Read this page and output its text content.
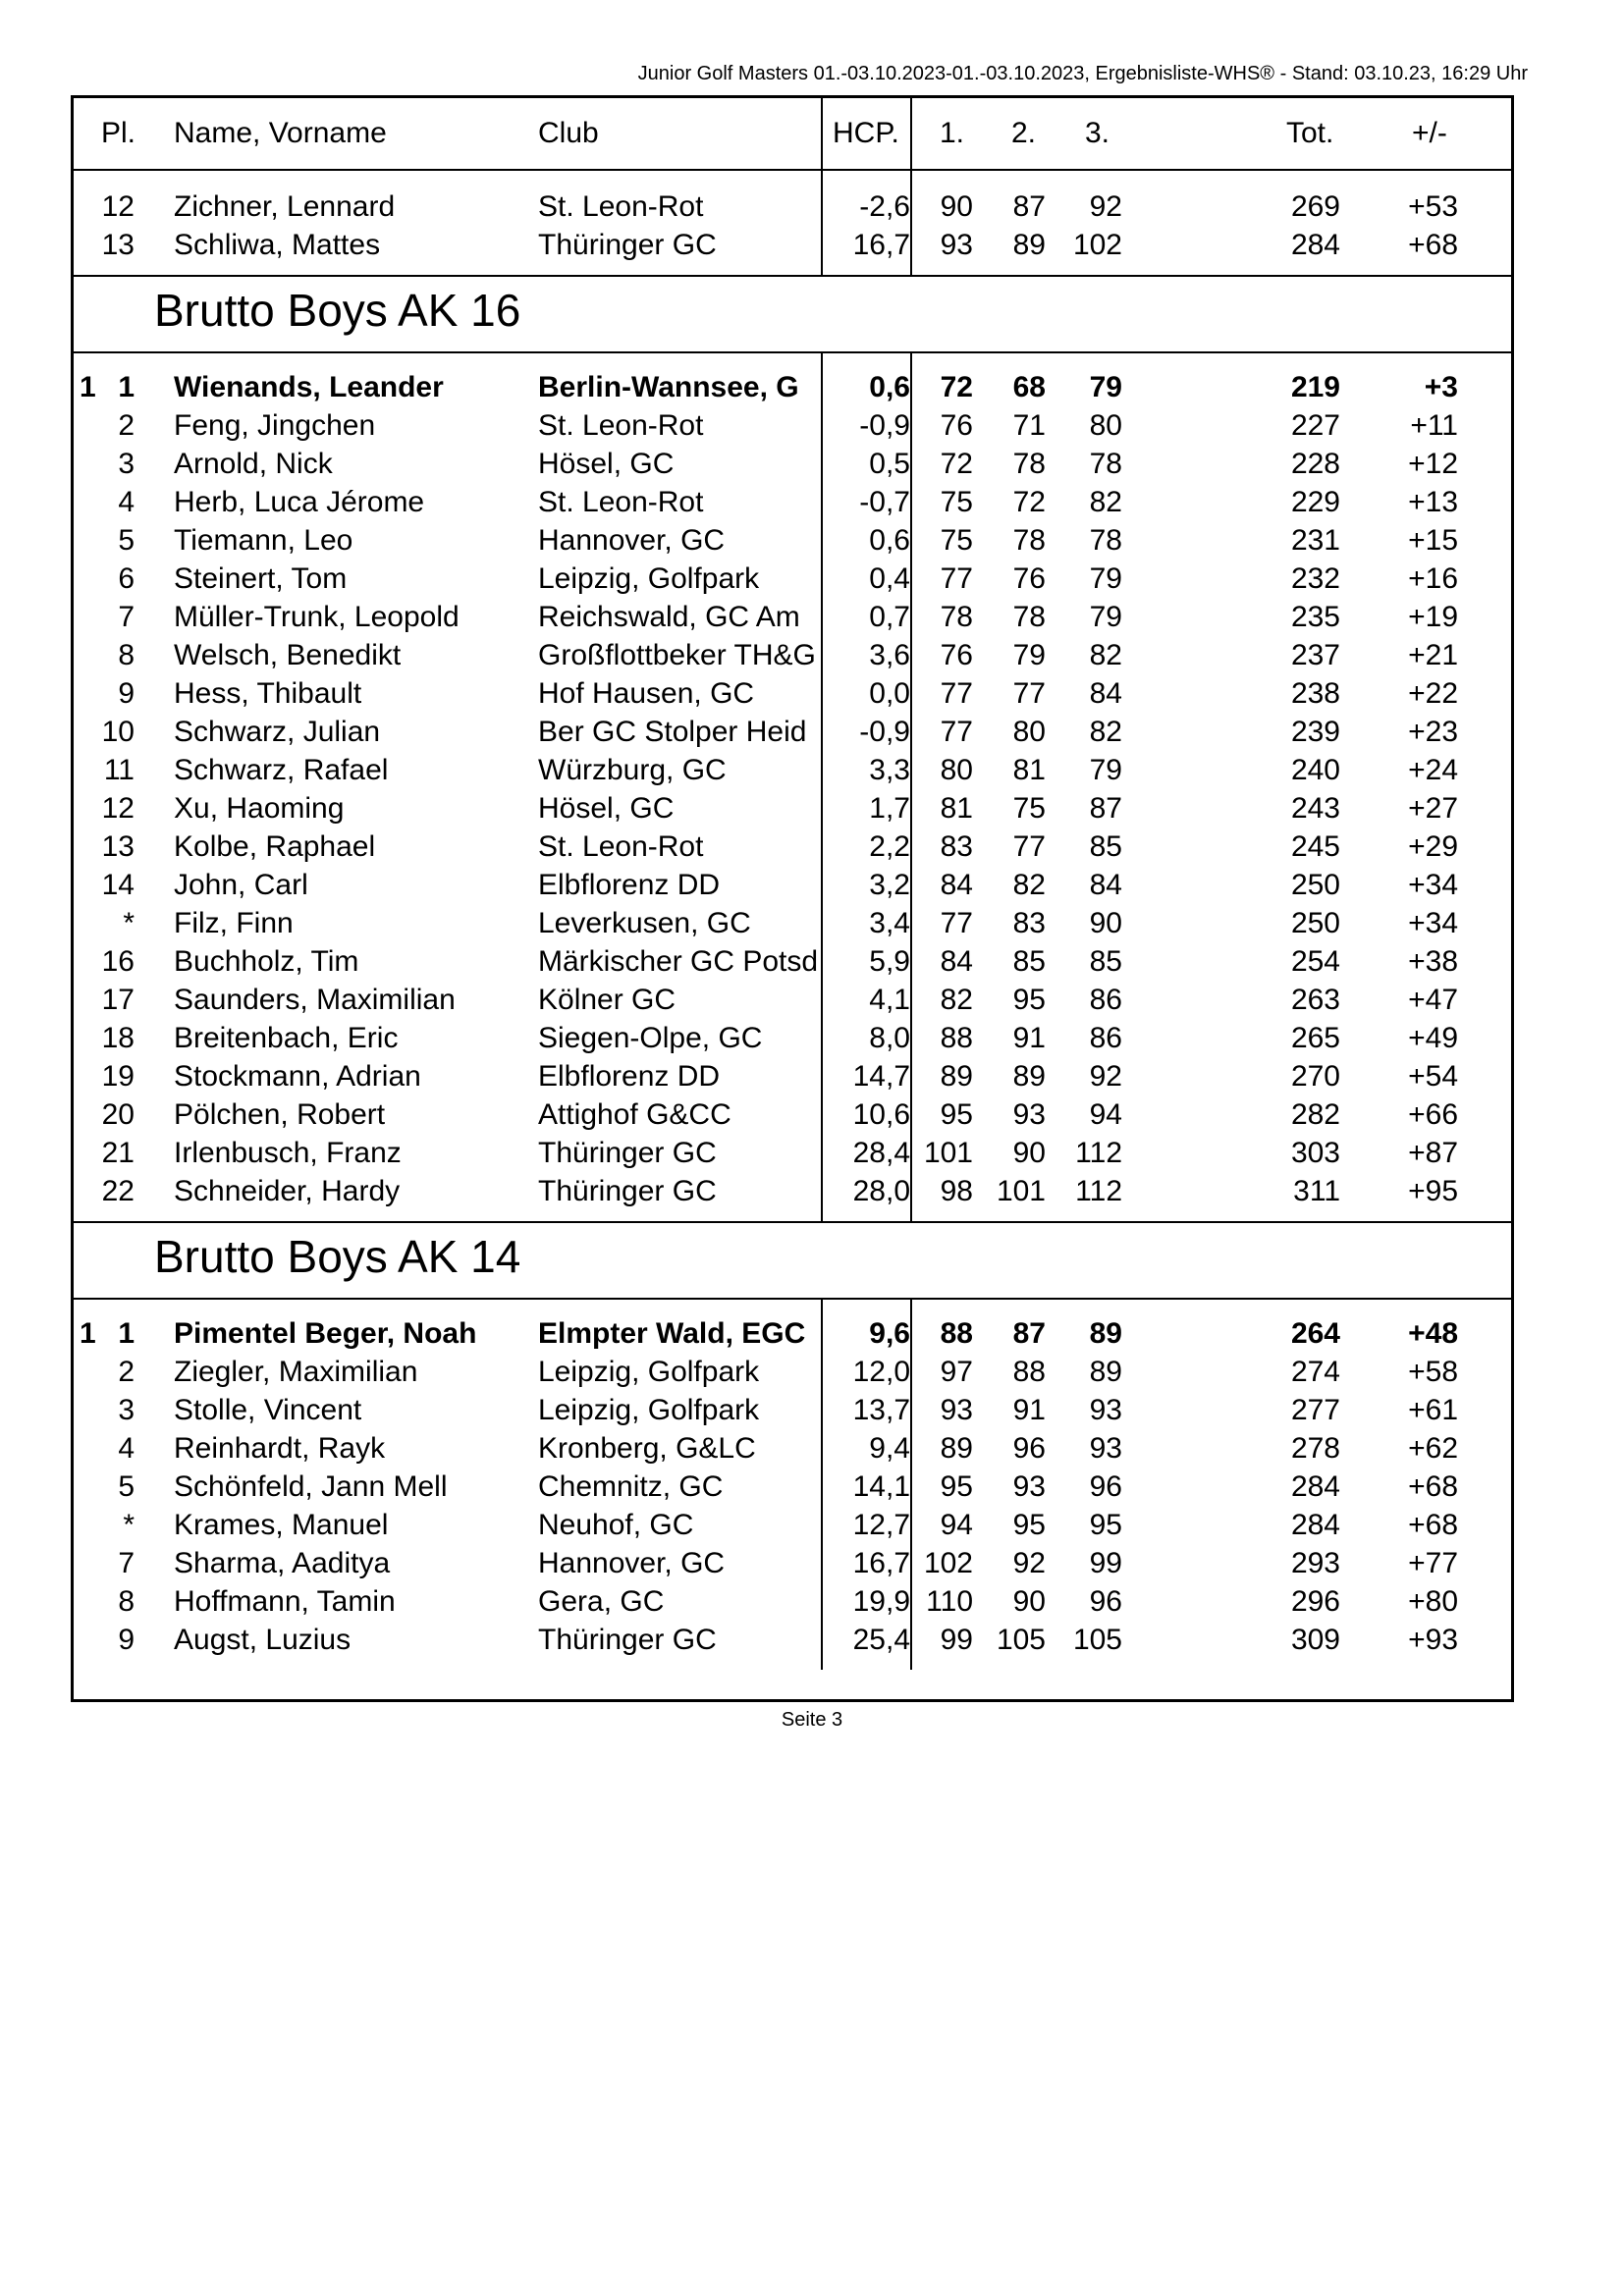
Junior Golf Masters 01.-03.10.2023-01.-03.10.2023, Ergebnisliste-WHS® - Stand: 03.10.23, 16:29 Uhr
Pl. Name, Vorname	Club	HCP. 1. 2. 3.	Tot.	+/-
12 Zichner, Lennard	St. Leon-Rot	-2,6	90	87	92	269	+53
13 Schliwa, Mattes	Thüringer GC	16,7	93	89 102	284	+68
Brutto Boys AK 16
1 1 Wienands, Leander	Berlin-Wannsee, G	0,6	72	68	79	219	+3
2 Feng, Jingchen	St. Leon-Rot	-0,9	76	71	80	227	+11
3 Arnold, Nick	Hösel, GC	0,5	72	78	78	228	+12
4 Herb, Luca Jérome	St. Leon-Rot	-0,7	75	72	82	229	+13
5 Tiemann, Leo	Hannover, GC	0,6	75	78	78	231	+15
6 Steinert, Tom	Leipzig, Golfpark	0,4	77	76	79	232	+16
7 Müller-Trunk, Leopold	Reichswald, GC Am	0,7	78	78	79	235	+19
8 Welsch, Benedikt	Großflottbeker TH&G	3,6	76	79	82	237	+21
9 Hess, Thibault	Hof Hausen, GC	0,0	77	77	84	238	+22
10 Schwarz, Julian	Ber GC Stolper Heid	-0,9	77	80	82	239	+23
11 Schwarz, Rafael	Würzburg, GC	3,3	80	81	79	240	+24
12 Xu, Haoming	Hösel, GC	1,7	81	75	87	243	+27
13 Kolbe, Raphael	St. Leon-Rot	2,2	83	77	85	245	+29
14 John, Carl	Elbflorenz DD	3,2	84	82	84	250	+34
* Filz, Finn	Leverkusen, GC	3,4	77	83	90	250	+34
16 Buchholz, Tim	Märkischer GC Potsd	5,9	84	85	85	254	+38
17 Saunders, Maximilian	Kölner GC	4,1	82	95	86	263	+47
18 Breitenbach, Eric	Siegen-Olpe, GC	8,0	88	91	86	265	+49
19 Stockmann, Adrian	Elbflorenz DD	14,7	89	89	92	270	+54
20 Pölchen, Robert	Attighof G&CC	10,6	95	93	94	282	+66
21 Irlenbusch, Franz	Thüringer GC	28,4 101	90	112	303	+87
22 Schneider, Hardy	Thüringer GC	28,0	98 101	112	311	+95
Brutto Boys AK 14
1 1 Pimentel Beger, Noah	Elmpter Wald, EGC	9,6	88	87	89	264	+48
2 Ziegler, Maximilian	Leipzig, Golfpark	12,0	97	88	89	274	+58
3 Stolle, Vincent	Leipzig, Golfpark	13,7	93	91	93	277	+61
4 Reinhardt, Rayk	Kronberg, G&LC	9,4	89	96	93	278	+62
5 Schönfeld, Jann Mell	Chemnitz, GC	14,1	95	93	96	284	+68
* Krames, Manuel	Neuhof, GC	12,7	94	95	95	284	+68
7 Sharma, Aaditya	Hannover, GC	16,7 102	92	99	293	+77
8 Hoffmann, Tamin	Gera, GC	19,9 110	90	96	296	+80
9 Augst, Luzius	Thüringer GC	25,4	99 105 105	309	+93
Seite 3
